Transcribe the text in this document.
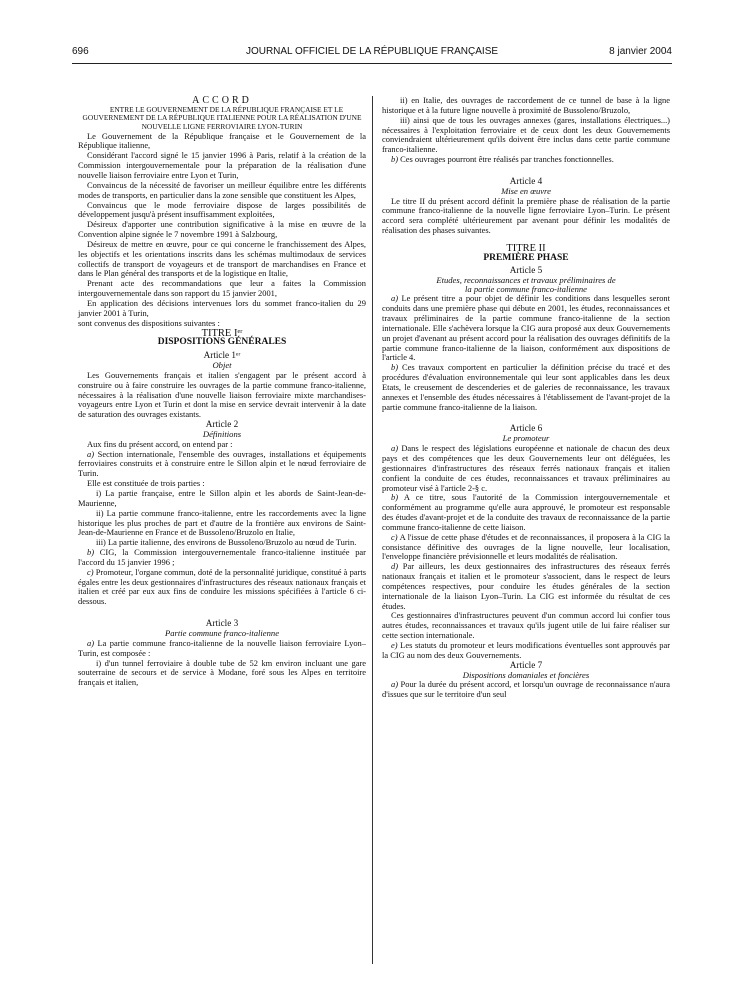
696	JOURNAL OFFICIEL DE LA RÉPUBLIQUE FRANÇAISE	8 janvier 2004

ACCORD

ENTRE LE GOUVERNEMENT DE LA RÉPUBLIQUE FRANÇAISE ET LE GOUVERNEMENT DE LA RÉPUBLIQUE ITALIENNE POUR LA RÉALISATION D'UNE NOUVELLE LIGNE FERROVIAIRE LYON-TURIN

Le Gouvernement de la République française et le Gouvernement de la République italienne,

Considérant l'accord signé le 15 janvier 1996 à Paris, relatif à la création de la Commission intergouvernementale pour la préparation de la réalisation d'une nouvelle liaison ferroviaire entre Lyon et Turin,

Convaincus de la nécessité de favoriser un meilleur équilibre entre les différents modes de transports, en particulier dans la zone sensible que constituent les Alpes,

Convaincus que le mode ferroviaire dispose de larges possibilités de développement jusqu'à présent insuffisamment exploitées,

Désireux d'apporter une contribution significative à la mise en œuvre de la Convention alpine signée le 7 novembre 1991 à Salzbourg,

Désireux de mettre en œuvre, pour ce qui concerne le franchissement des Alpes, les objectifs et les orientations inscrits dans les schémas multimodaux de services collectifs de transport de voyageurs et de transport de marchandises en France et dans le Plan général des transports et de la logistique en Italie,

Prenant acte des recommandations que leur a faites la Commission intergouvernementale dans son rapport du 15 janvier 2001,

En application des décisions intervenues lors du sommet franco-italien du 29 janvier 2001 à Turin,

sont convenus des dispositions suivantes :

TITRE Iᵉʳ

DISPOSITIONS GÉNÉRALES

Article 1ᵉʳ

Objet

Les Gouvernements français et italien s'engagent par le présent accord à construire ou à faire construire les ouvrages de la partie commune franco-italienne, nécessaires à la réalisation d'une nouvelle liaison ferroviaire mixte marchandises-voyageurs entre Lyon et Turin et dont la mise en service devrait intervenir à la date de saturation des ouvrages existants.

Article 2

Définitions

Aux fins du présent accord, on entend par :

a) Section internationale, l'ensemble des ouvrages, installations et équipements ferroviaires construits et à construire entre le Sillon alpin et le nœud ferroviaire de Turin.

Elle est constituée de trois parties :

i) La partie française, entre le Sillon alpin et les abords de Saint-Jean-de-Maurienne,

ii) La partie commune franco-italienne, entre les raccordements avec la ligne historique les plus proches de part et d'autre de la frontière aux environs de Saint-Jean-de-Maurienne en France et de Bussoleno/Bruzolo en Italie,

iii) La partie italienne, des environs de Bussoleno/Bruzolo au nœud de Turin.

b) CIG, la Commission intergouvernementale franco-italienne instituée par l'accord du 15 janvier 1996 ;

c) Promoteur, l'organe commun, doté de la personnalité juridique, constitué à parts égales entre les deux gestionnaires d'infrastructures des réseaux nationaux français et italien et créé par eux aux fins de conduire les missions spécifiées à l'article 6 ci-dessous.

Article 3

Partie commune franco-italienne

a) La partie commune franco-italienne de la nouvelle liaison ferroviaire Lyon–Turin, est composée :

i) d'un tunnel ferroviaire à double tube de 52 km environ incluant une gare souterraine de secours et de service à Modane, foré sous les Alpes en territoire français et italien,

ii) en Italie, des ouvrages de raccordement de ce tunnel de base à la ligne historique et à la future ligne nouvelle à proximité de Bussoleno/Bruzolo,

iii) ainsi que de tous les ouvrages annexes (gares, installations électriques...) nécessaires à l'exploitation ferroviaire et de ceux dont les deux Gouvernements conviendraient ultérieurement qu'ils doivent être inclus dans cette partie commune franco-italienne.

b) Ces ouvrages pourront être réalisés par tranches fonctionnelles.

Article 4

Mise en œuvre

Le titre II du présent accord définit la première phase de réalisation de la partie commune franco-italienne de la nouvelle ligne ferroviaire Lyon–Turin. Le présent accord sera complété ultérieurement par avenant pour définir les modalités de réalisation des phases suivantes.

TITRE II

PREMIÈRE PHASE

Article 5

Etudes, reconnaissances et travaux préliminaires de la partie commune franco-italienne

a) Le présent titre a pour objet de définir les conditions dans lesquelles seront conduits dans une première phase qui débute en 2001, les études, reconnaissances et travaux préliminaires de la partie commune franco-italienne de la section internationale. Elle s'achèvera lorsque la CIG aura proposé aux deux Gouvernements un projet d'avenant au présent accord pour la réalisation des ouvrages définitifs de la partie commune franco-italienne de la liaison, conformément aux dispositions de l'article 4.

b) Ces travaux comportent en particulier la définition précise du tracé et des procédures d'évaluation environnementale qui leur sont applicables dans les deux Etats, le creusement de descenderies et de galeries de reconnaissance, les travaux annexes et l'ensemble des études nécessaires à l'établissement de l'avant-projet de la partie commune franco-italienne de la liaison.

Article 6

Le promoteur

a) Dans le respect des législations européenne et nationale de chacun des deux pays et des compétences que les deux Gouvernements leur ont déléguées, les gestionnaires d'infrastructures des réseaux ferrés nationaux français et italien confient la conduite de ces études, reconnaissances et travaux préliminaires au promoteur visé à l'article 2-§ c.

b) A ce titre, sous l'autorité de la Commission intergouvernementale et conformément au programme qu'elle aura approuvé, le promoteur est responsable des études d'avant-projet et de la conduite des travaux de reconnaissance de la partie commune franco-italienne de cette liaison.

c) A l'issue de cette phase d'études et de reconnaissances, il proposera à la CIG la consistance définitive des ouvrages de la ligne nouvelle, leur localisation, l'enveloppe financière prévisionnelle et leurs modalités de réalisation.

d) Par ailleurs, les deux gestionnaires des infrastructures des réseaux ferrés nationaux français et italien et le promoteur s'associent, dans le respect de leurs compétences respectives, pour conduire les études générales de la section internationale de la liaison Lyon–Turin. La CIG est informée du résultat de ces études.

Ces gestionnaires d'infrastructures peuvent d'un commun accord lui confier tous autres études, reconnaissances et travaux qu'ils jugent utile de lui faire réaliser sur cette section internationale.

e) Les statuts du promoteur et leurs modifications éventuelles sont approuvés par la CIG au nom des deux Gouvernements.

Article 7

Dispositions domaniales et foncières

a) Pour la durée du présent accord, et lorsqu'un ouvrage de reconnaissance n'aura d'issues que sur le territoire d'un seul
